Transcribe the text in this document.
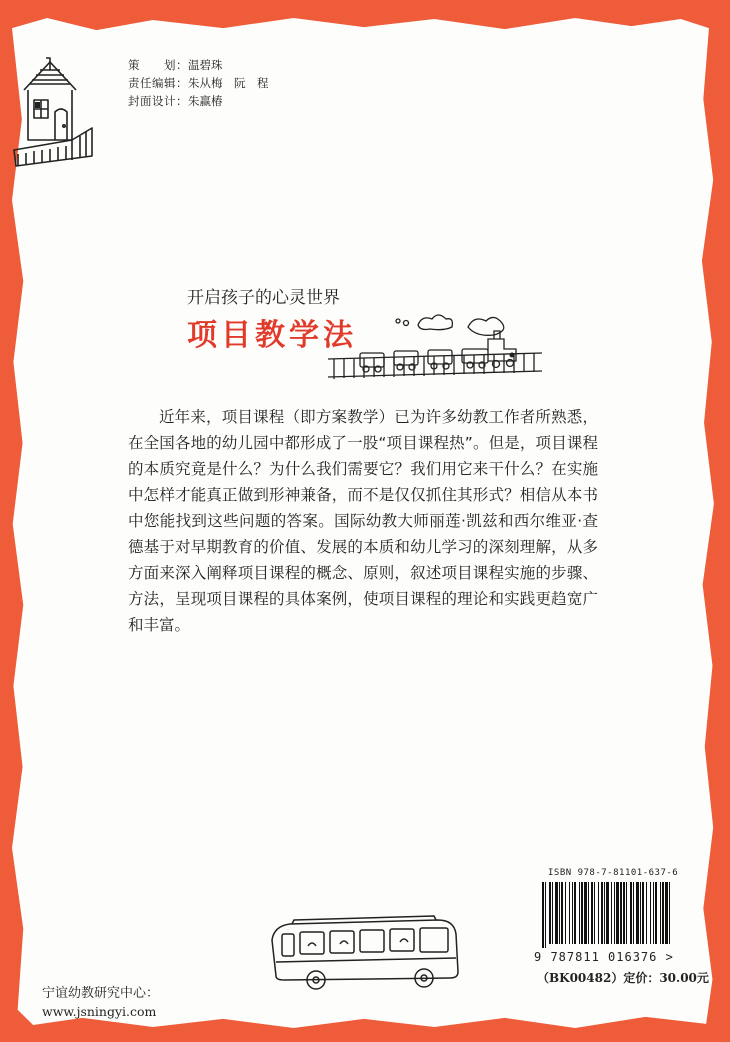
策　　划：温碧珠
责任编辑：朱从梅　阮　程
封面设计：朱赢椿
开启孩子的心灵世界
项目教学法

近年来，项目课程（即方案教学）已为许多幼教工作者所熟悉，在全国各地的幼儿园中都形成了一股“项目课程热”。但是，项目课程的本质究竟是什么？为什么我们需要它？我们用它来干什么？在实施中怎样才能真正做到形神兼备，而不是仅仅抓住其形式？相信从本书中您能找到这些问题的答案。国际幼教大师丽莲·凯兹和西尔维亚·查德基于对早期教育的价值、发展的本质和幼儿学习的深刻理解，从多方面来深入阐释项目课程的概念、原则，叙述项目课程实施的步骤、方法，呈现项目课程的具体案例，使项目课程的理论和实践更趋宽广和丰富。

ISBN 978-7-81101-637-6
9 787811 016376 >
（BK00482）定价：30.00元
宁谊幼教研究中心：
www.jsningyi.com
